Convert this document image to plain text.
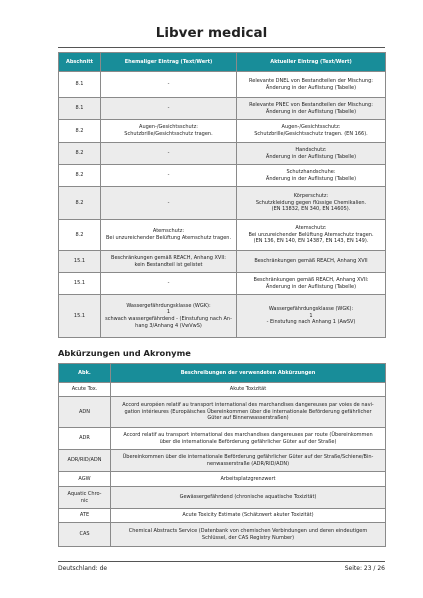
Libver medical
Abschnitt	Ehemaliger Eintrag (Text/Wert)	Aktueller Eintrag (Text/Wert)
8.1	-	Relevante DNEL von Bestandteilen der Mischung:
Änderung in der Auflistung (Tabelle)
8.1	-	Relevante PNEC von Bestandteilen der Mischung:
Änderung in der Auflistung (Tabelle)
8.2	Augen-/Gesichtsschutz:
Schutzbrille/Gesichtsschutz tragen.	Augen-/Gesichtsschutz:
Schutzbrille/Gesichtsschutz tragen. (EN 166).
8.2	-	Handschutz:
Änderung in der Auflistung (Tabelle)
8.2	-	Schutzhandschuhe:
Änderung in der Auflistung (Tabelle)
8.2	-	Körperschutz:
Schutzkleidung gegen flüssige Chemikalien.
(EN 13832, EN 340, EN 14605).
8.2	Atemschutz:
Bei unzureichender Belüftung Atemschutz tragen.	Atemschutz:
Bei unzureichender Belüftung Atemschutz tragen.
(EN 136, EN 140, EN 14387, EN 143, EN 149).
15.1	Beschränkungen gemäß REACH, Anhang XVII:
kein Bestandteil ist gelistet	Beschränkungen gemäß REACH, Anhang XVII
15.1	-	Beschränkungen gemäß REACH, Anhang XVII:
Änderung in der Auflistung (Tabelle)
15.1	Wassergefährdungsklasse (WGK):
1
schwach wassergefährdend - (Einstufung nach An-
hang 3/Anhang 4 (VwVwS)	Wassergefährdungsklasse (WGK):
1
- Einstufung nach Anhang 1 (AwSV)
Abkürzungen und Akronyme
Abk.	Beschreibungen der verwendeten Abkürzungen
Acute Tox.	Akute Toxizität
ADN	Accord européen relatif au transport international des marchandises dangereuses par voies de navi-
gation intérieures (Europäisches Übereinkommen über die internationale Beförderung gefährlicher
Güter auf Binnenwasserstraßen)
ADR	Accord relatif au transport international des marchandises dangereuses par route (Übereinkommen
über die internationale Beförderung gefährlicher Güter auf der Straße)
ADR/RID/ADN	Übereinkommen über die internationale Beförderung gefährlicher Güter auf der Straße/Schiene/Bin-
nenwasserstraße (ADR/RID/ADN)
AGW	Arbeitsplatzgrenzwert
Aquatic Chro-
nic	Gewässergefährdend (chronische aquatische Toxizität)
ATE	Acute Toxicity Estimate (Schätzwert akuter Toxizität)
CAS	Chemical Abstracts Service (Datenbank von chemischen Verbindungen und deren eindeutigem
Schlüssel, der CAS Registry Number)
Deutschland: de	Seite: 23 / 26
